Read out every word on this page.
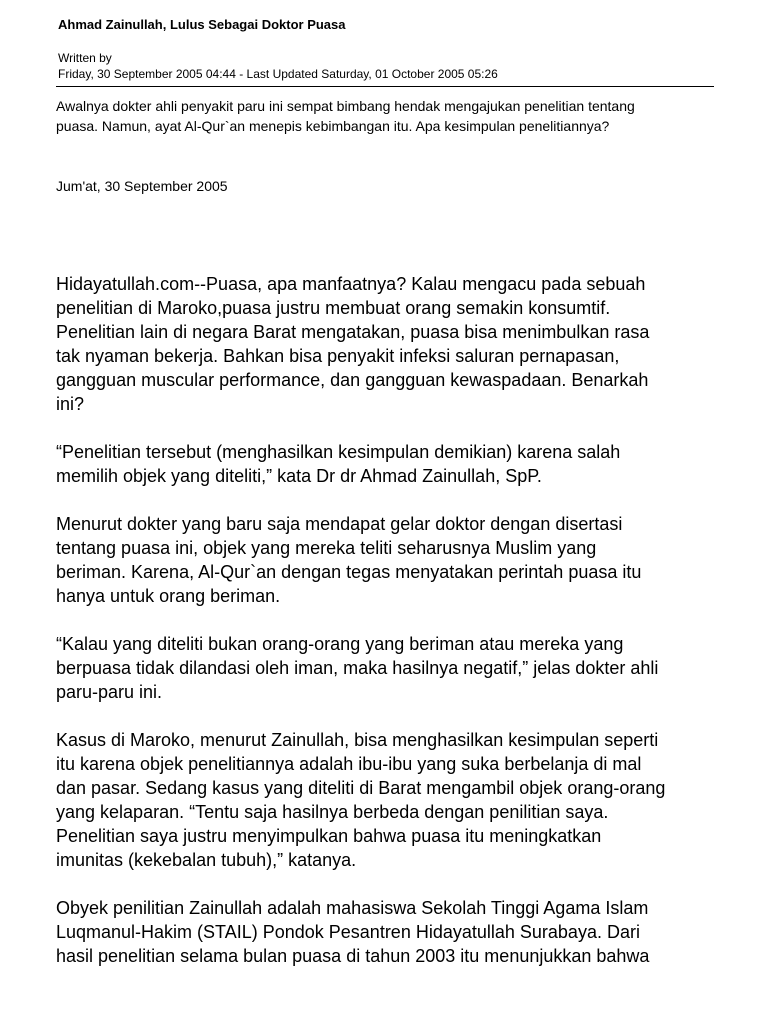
Ahmad Zainullah, Lulus Sebagai Doktor Puasa
Written by
Friday, 30 September 2005 04:44 - Last Updated Saturday, 01 October 2005 05:26
Awalnya dokter ahli penyakit paru ini sempat bimbang hendak mengajukan penelitian tentang
puasa. Namun, ayat Al-Qur`an menepis kebimbangan itu. Apa kesimpulan penelitiannya?
Jum'at, 30 September 2005

Hidayatullah.com--Puasa, apa manfaatnya? Kalau mengacu pada sebuah
penelitian di Maroko,puasa justru membuat orang semakin konsumtif.
Penelitian lain di negara Barat mengatakan, puasa bisa menimbulkan rasa
tak nyaman bekerja. Bahkan bisa penyakit infeksi saluran pernapasan,
gangguan muscular performance, dan gangguan kewaspadaan. Benarkah
ini?

“Penelitian tersebut (menghasilkan kesimpulan demikian) karena salah
memilih objek yang diteliti,” kata Dr dr Ahmad Zainullah, SpP.

Menurut dokter yang baru saja mendapat gelar doktor dengan disertasi
tentang puasa ini, objek yang mereka teliti seharusnya Muslim yang
beriman. Karena, Al-Qur`an dengan tegas menyatakan perintah puasa itu
hanya untuk orang beriman.

“Kalau yang diteliti bukan orang-orang yang beriman atau mereka yang
berpuasa tidak dilandasi oleh iman, maka hasilnya negatif,” jelas dokter ahli
paru-paru ini.

Kasus di Maroko, menurut Zainullah, bisa menghasilkan kesimpulan seperti
itu karena objek penelitiannya adalah ibu-ibu yang suka berbelanja di mal
dan pasar. Sedang kasus yang diteliti di Barat mengambil objek orang-orang
yang kelaparan. “Tentu saja hasilnya berbeda dengan penilitian saya.
Penelitian saya justru menyimpulkan bahwa puasa itu meningkatkan
imunitas (kekebalan tubuh),” katanya.

Obyek penilitian Zainullah adalah mahasiswa Sekolah Tinggi Agama Islam
Luqmanul-Hakim (STAIL) Pondok Pesantren Hidayatullah Surabaya. Dari
hasil penelitian selama bulan puasa di tahun 2003 itu menunjukkan bahwa
